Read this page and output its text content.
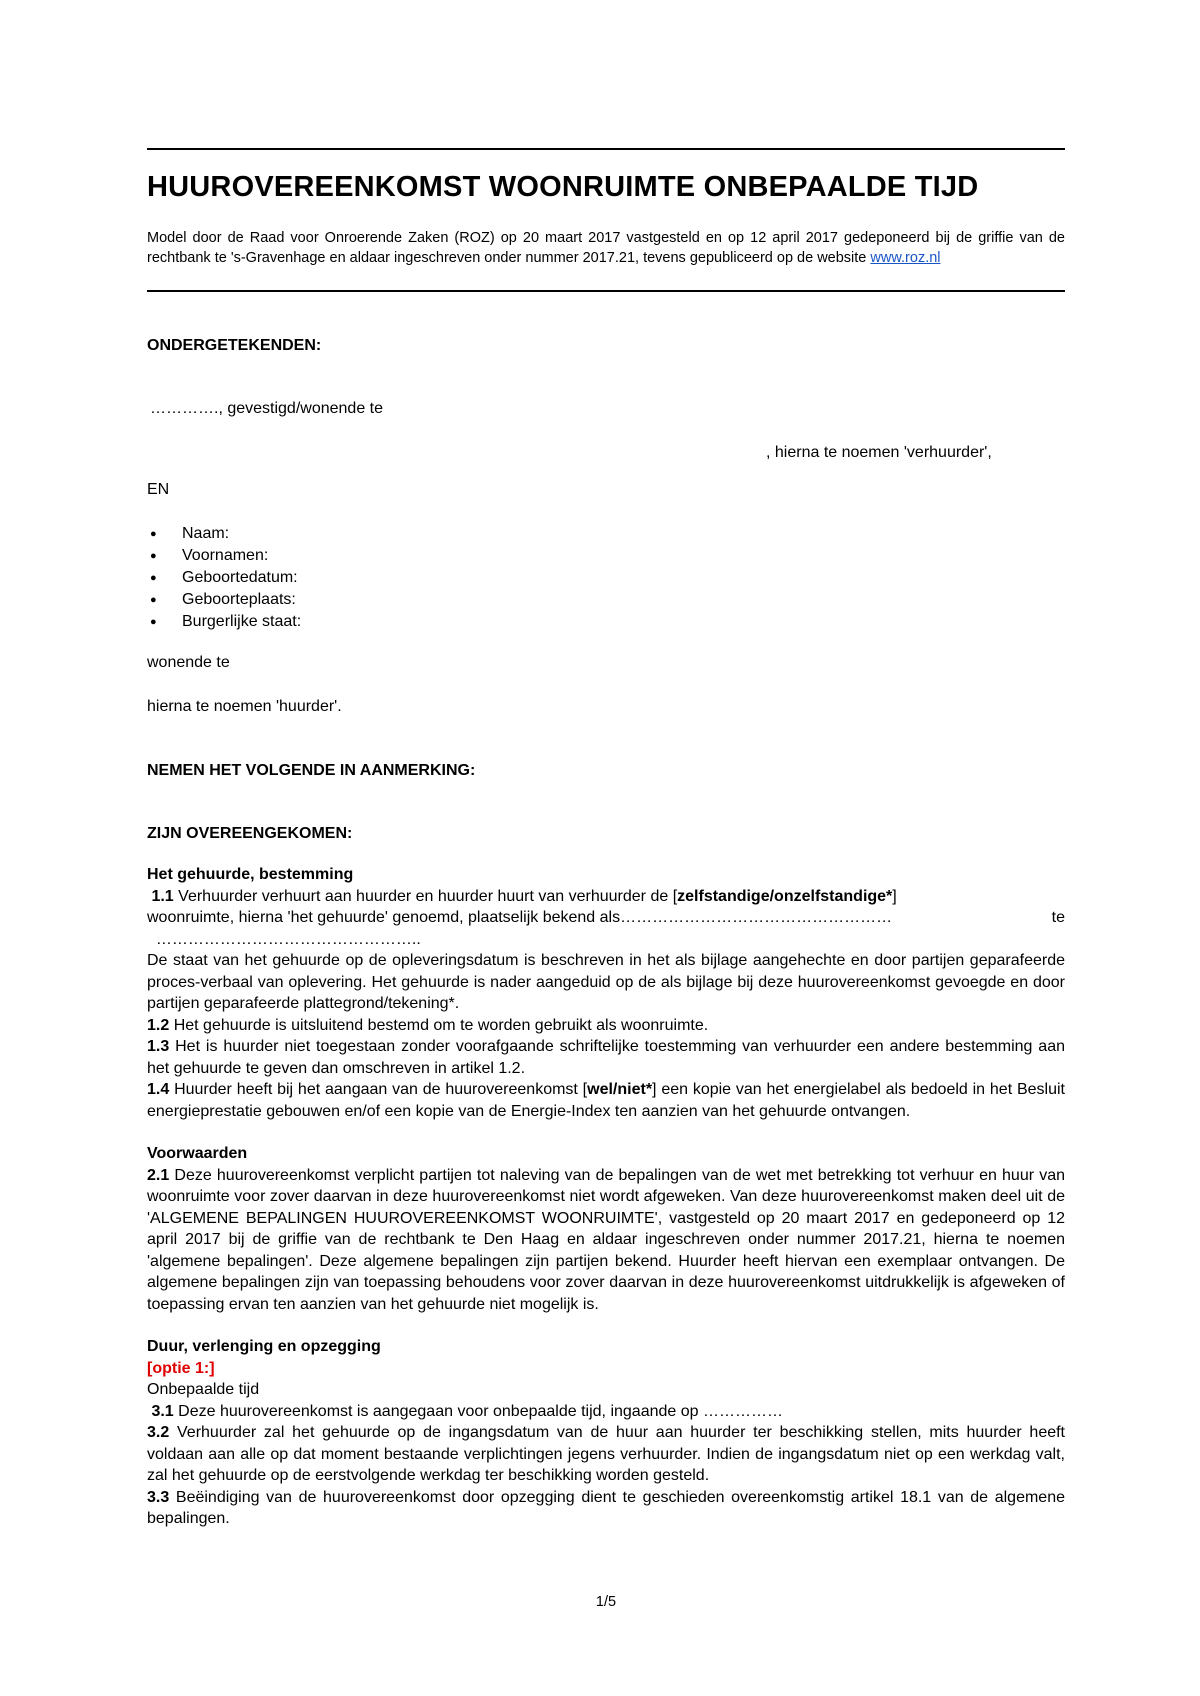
HUUROVEREENKOMST WOONRUIMTE ONBEPAALDE TIJD
Model door de Raad voor Onroerende Zaken (ROZ) op 20 maart 2017 vastgesteld en op 12 april 2017 gedeponeerd bij de griffie van de rechtbank te 's-Gravenhage en aldaar ingeschreven onder nummer 2017.21, tevens gepubliceerd op de website www.roz.nl
ONDERGETEKENDEN:
…………., gevestigd/wonende te
, hierna te noemen 'verhuurder',
EN
● Naam:
● Voornamen:
● Geboortedatum:
● Geboorteplaats:
● Burgerlijke staat:
wonende te
hierna te noemen 'huurder'.
NEMEN HET VOLGENDE IN AANMERKING:
ZIJN OVEREENGEKOMEN:

Het gehuurde, bestemming

1.1 Verhuurder verhuurt aan huurder en huurder huurt van verhuurder de [zelfstandige/onzelfstandige*]

woonruimte, hierna 'het gehuurde' genoemd, plaatselijk bekend als……………………………………………	te

…………………………………………..

De staat van het gehuurde op de opleveringsdatum is beschreven in het als bijlage aangehechte en door partijen geparafeerde proces-verbaal van oplevering. Het gehuurde is nader aangeduid op de als bijlage bij deze huurovereenkomst gevoegde en door partijen geparafeerde plattegrond/tekening*.

1.2 Het gehuurde is uitsluitend bestemd om te worden gebruikt als woonruimte.

1.3 Het is huurder niet toegestaan zonder voorafgaande schriftelijke toestemming van verhuurder een andere bestemming aan het gehuurde te geven dan omschreven in artikel 1.2.

1.4 Huurder heeft bij het aangaan van de huurovereenkomst [wel/niet*] een kopie van het energielabel als bedoeld in het Besluit energieprestatie gebouwen en/of een kopie van de Energie-Index ten aanzien van het gehuurde ontvangen.

Voorwaarden

2.1 Deze huurovereenkomst verplicht partijen tot naleving van de bepalingen van de wet met betrekking tot verhuur en huur van woonruimte voor zover daarvan in deze huurovereenkomst niet wordt afgeweken. Van deze huurovereenkomst maken deel uit de 'ALGEMENE BEPALINGEN HUUROVEREENKOMST WOONRUIMTE', vastgesteld op 20 maart 2017 en gedeponeerd op 12 april 2017 bij de griffie van de rechtbank te Den Haag en aldaar ingeschreven onder nummer 2017.21, hierna te noemen 'algemene bepalingen'. Deze algemene bepalingen zijn partijen bekend. Huurder heeft hiervan een exemplaar ontvangen. De algemene bepalingen zijn van toepassing behoudens voor zover daarvan in deze huurovereenkomst uitdrukkelijk is afgeweken of toepassing ervan ten aanzien van het gehuurde niet mogelijk is.

Duur, verlenging en opzegging

[optie 1:]

Onbepaalde tijd

3.1 Deze huurovereenkomst is aangegaan voor onbepaalde tijd, ingaande op ……………

3.2 Verhuurder zal het gehuurde op de ingangsdatum van de huur aan huurder ter beschikking stellen, mits huurder heeft voldaan aan alle op dat moment bestaande verplichtingen jegens verhuurder. Indien de ingangsdatum niet op een werkdag valt, zal het gehuurde op de eerstvolgende werkdag ter beschikking worden gesteld.

3.3 Beëindiging van de huurovereenkomst door opzegging dient te geschieden overeenkomstig artikel 18.1 van de algemene bepalingen.

1/5
